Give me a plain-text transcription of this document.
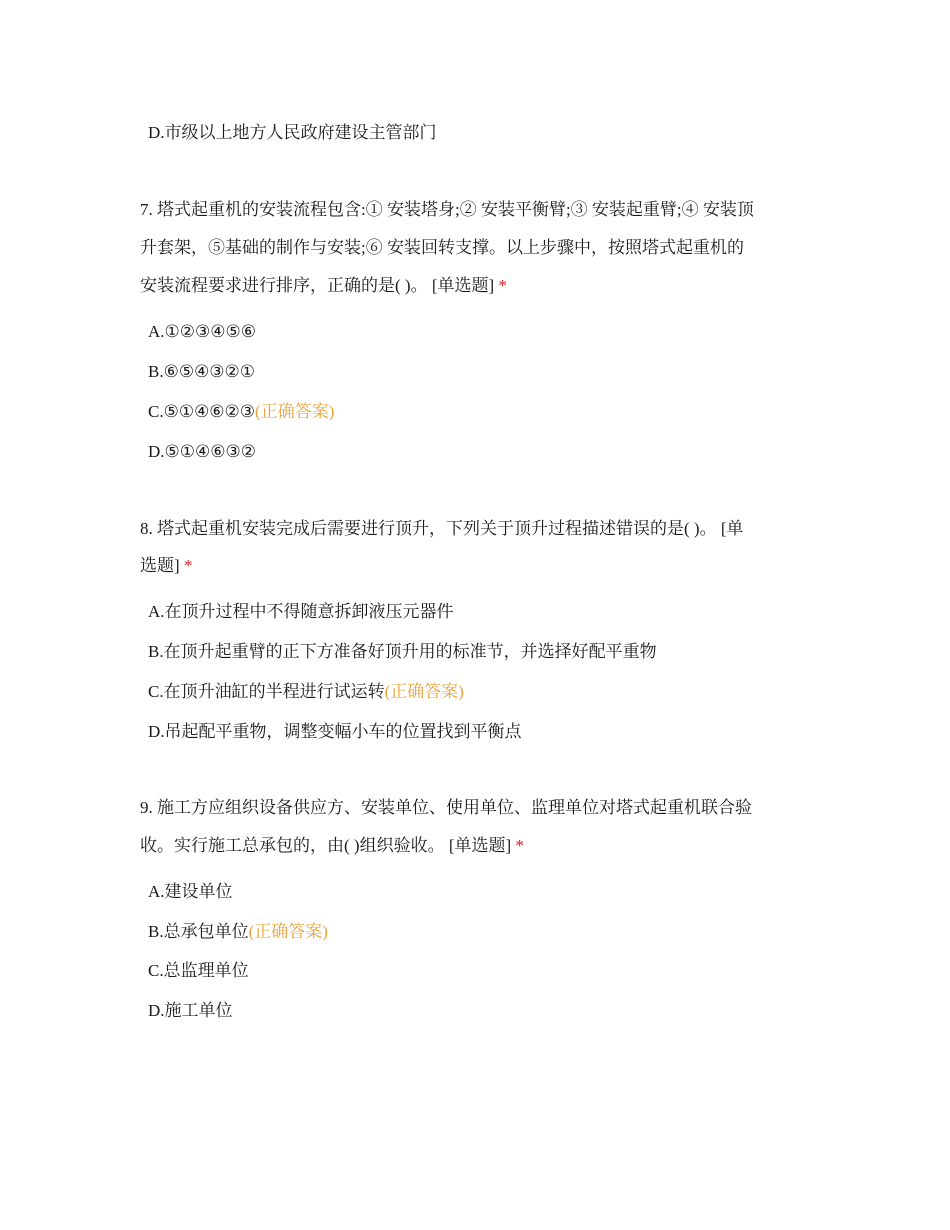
D.市级以上地方人民政府建设主管部门
7. 塔式起重机的安装流程包含:① 安装塔身;② 安装平衡臂;③ 安装起重臂;④ 安装顶
升套架，⑤基础的制作与安装;⑥ 安装回转支撑。以上步骤中，按照塔式起重机的
安装流程要求进行排序，正确的是( )。 [单选题] *
A.①②③④⑤⑥
B.⑥⑤④③②①
C.⑤①④⑥②③(正确答案)
D.⑤①④⑥③②
8. 塔式起重机安装完成后需要进行顶升，下列关于顶升过程描述错误的是( )。 [单
选题] *
A.在顶升过程中不得随意拆卸液压元器件
B.在顶升起重臂的正下方准备好顶升用的标准节，并选择好配平重物
C.在顶升油缸的半程进行试运转(正确答案)
D.吊起配平重物，调整变幅小车的位置找到平衡点
9. 施工方应组织设备供应方、安装单位、使用单位、监理单位对塔式起重机联合验
收。实行施工总承包的，由( )组织验收。 [单选题] *
A.建设单位
B.总承包单位(正确答案)
C.总监理单位
D.施工单位
